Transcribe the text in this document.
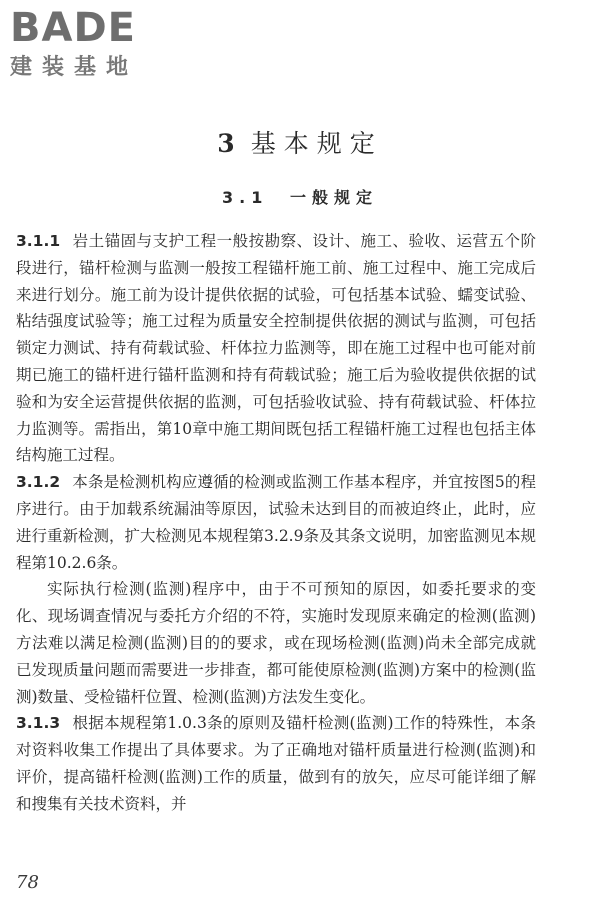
BADE
建装基地
3 基本规定
3.1 一般规定

3.1.1 岩土锚固与支护工程一般按勘察、设计、施工、验收、运营五个阶段进行，锚杆检测与监测一般按工程锚杆施工前、施工过程中、施工完成后来进行划分。施工前为设计提供依据的试验，可包括基本试验、蠕变试验、粘结强度试验等；施工过程为质量安全控制提供依据的测试与监测，可包括锁定力测试、持有荷载试验、杆体拉力监测等，即在施工过程中也可能对前期已施工的锚杆进行锚杆监测和持有荷载试验；施工后为验收提供依据的试验和为安全运营提供依据的监测，可包括验收试验、持有荷载试验、杆体拉力监测等。需指出，第10章中施工期间既包括工程锚杆施工过程也包括主体结构施工过程。

3.1.2 本条是检测机构应遵循的检测或监测工作基本程序，并宜按图5的程序进行。由于加载系统漏油等原因，试验未达到目的而被迫终止，此时，应进行重新检测，扩大检测见本规程第3.2.9条及其条文说明，加密监测见本规程第10.2.6条。

实际执行检测(监测)程序中，由于不可预知的原因，如委托要求的变化、现场调查情况与委托方介绍的不符，实施时发现原来确定的检测(监测)方法难以满足检测(监测)目的的要求，或在现场检测(监测)尚未全部完成就已发现质量问题而需要进一步排查，都可能使原检测(监测)方案中的检测(监测)数量、受检锚杆位置、检测(监测)方法发生变化。

3.1.3 根据本规程第1.0.3条的原则及锚杆检测(监测)工作的特殊性，本条对资料收集工作提出了具体要求。为了正确地对锚杆质量进行检测(监测)和评价，提高锚杆检测(监测)工作的质量，做到有的放矢，应尽可能详细了解和搜集有关技术资料，并

78
